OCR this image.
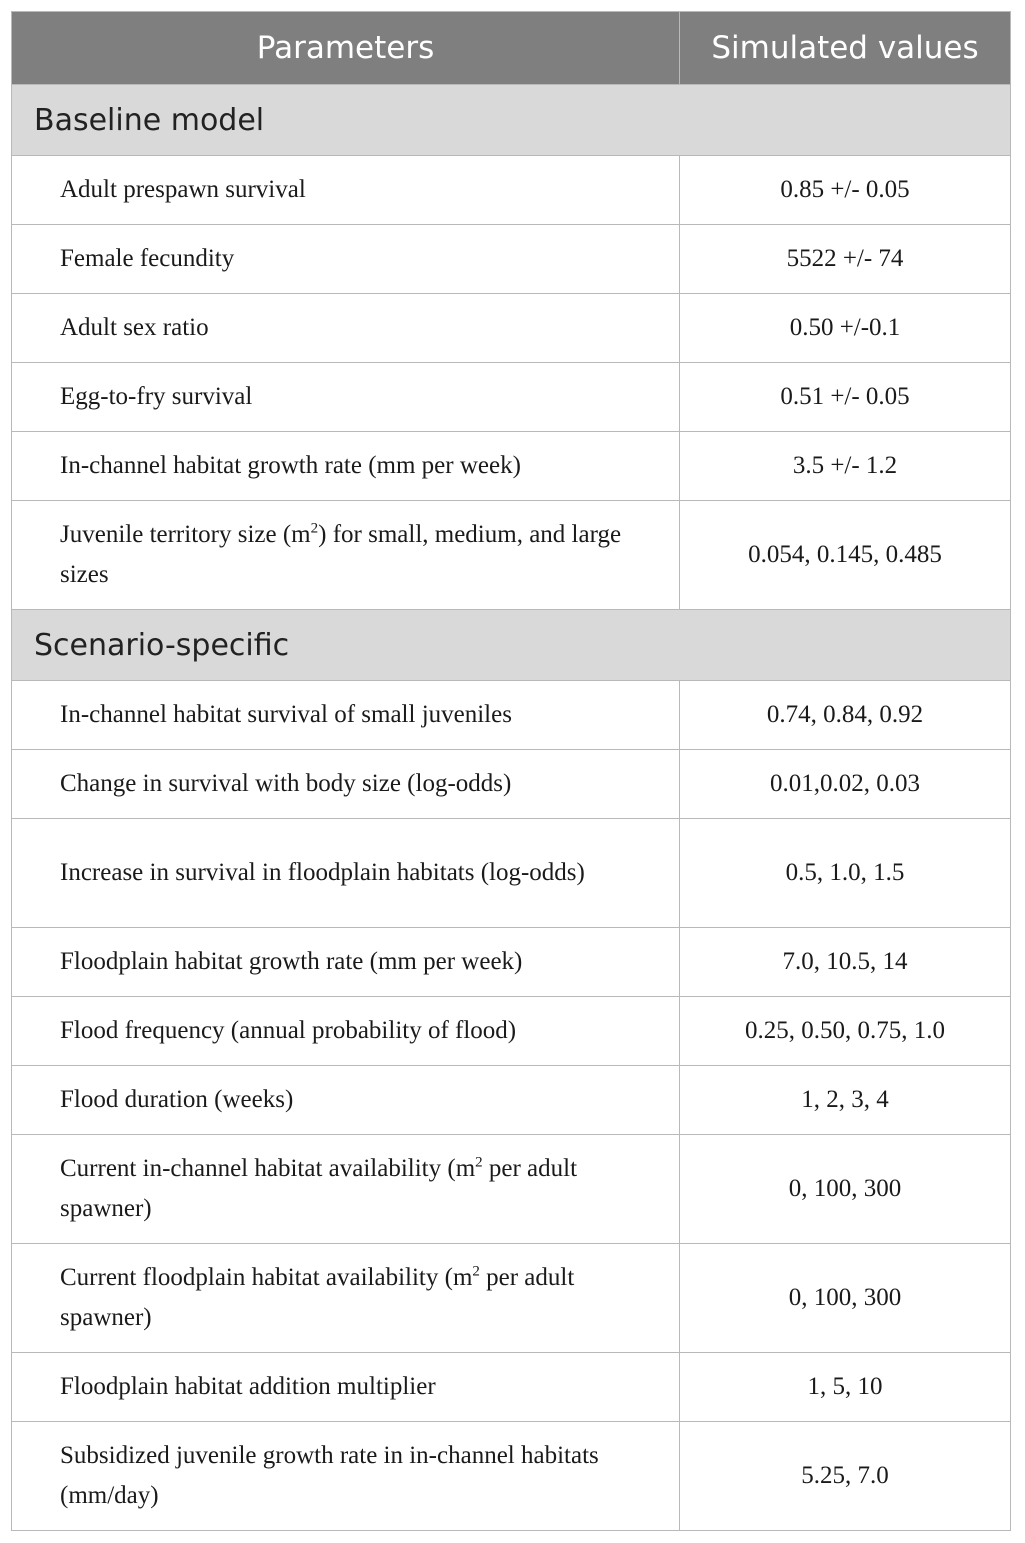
Parameters	Simulated values
Baseline model	
Adult prespawn survival	0.85 +/- 0.05
Female fecundity	5522 +/- 74
Adult sex ratio	0.50 +/-0.1
Egg-to-fry survival	0.51 +/- 0.05
In-channel habitat growth rate (mm per week)	3.5 +/- 1.2
Juvenile territory size $(m^2)$ for small, medium, and large sizes	0.054, 0.145, 0.485
Scenario-specific	
In-channel habitat survival of small juveniles	0.74, 0.84, 0.92
Change in survival with body size (log-odds)	0.01,0.02, 0.03
Increase in survival in floodplain habitats (log-odds)	0.5, 1.0, 1.5
Floodplain habitat growth rate (mm per week)	7.0, 10.5, 14
Flood frequency (annual probability of flood)	0.25, 0.50, 0.75, 1.0
Flood duration (weeks)	1, 2, 3, 4
Current in-channel habitat availability ($m^2$ per adult spawner)	0, 100, 300
Current floodplain habitat availability ($m^2$ per adult spawner)	0, 100, 300
Floodplain habitat addition multiplier	1, 5, 10
Subsidized juvenile growth rate in in-channel habitats (mm/day)	5.25, 7.0
